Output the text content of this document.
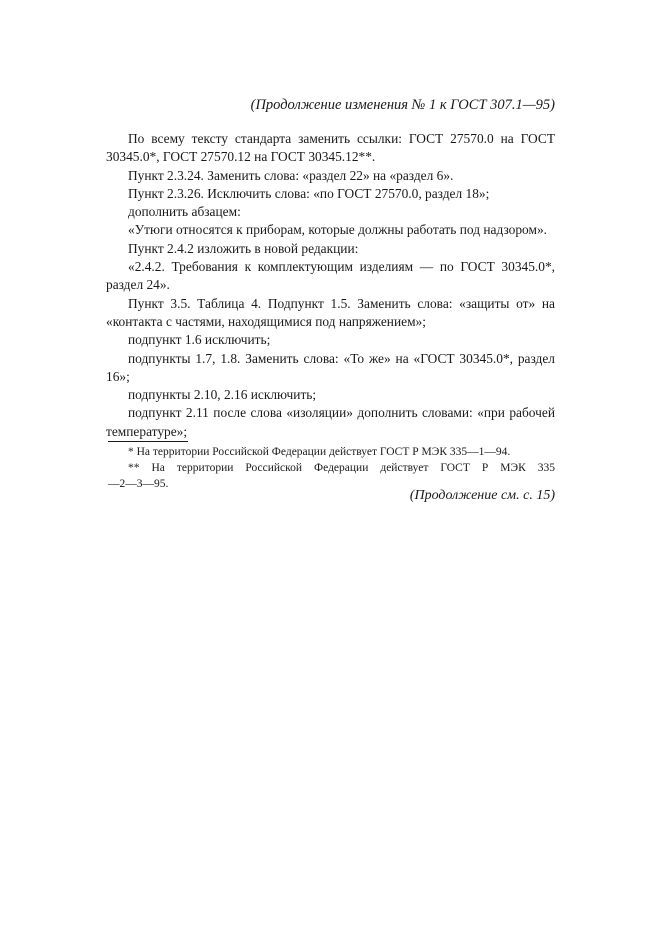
(Продолжение изменения № 1 к ГОСТ 307.1—95)

По всему тексту стандарта заменить ссылки: ГОСТ 27570.0 на ГОСТ 30345.0*, ГОСТ 27570.12 на ГОСТ 30345.12**.

Пункт 2.3.24. Заменить слова: «раздел 22» на «раздел 6».

Пункт 2.3.26. Исключить слова: «по ГОСТ 27570.0, раздел 18»;

дополнить абзацем:

«Утюги относятся к приборам, которые должны работать под надзором».

Пункт 2.4.2 изложить в новой редакции:

«2.4.2. Требования к комплектующим изделиям — по ГОСТ 30345.0*, раздел 24».

Пункт 3.5. Таблица 4. Подпункт 1.5. Заменить слова: «защиты от» на «контакта с частями, находящимися под напряжением»;

подпункт 1.6 исключить;

подпункты 1.7, 1.8. Заменить слова: «То же» на «ГОСТ 30345.0*, раздел 16»;

подпункты 2.10, 2.16 исключить;

подпункт 2.11 после слова «изоляции» дополнить словами: «при рабочей температуре»;

* На территории Российской Федерации действует ГОСТ Р МЭК 335—1—94.

** На территории Российской Федерации действует ГОСТ Р МЭК 335—2—3—95.

(Продолжение см. с. 15)
